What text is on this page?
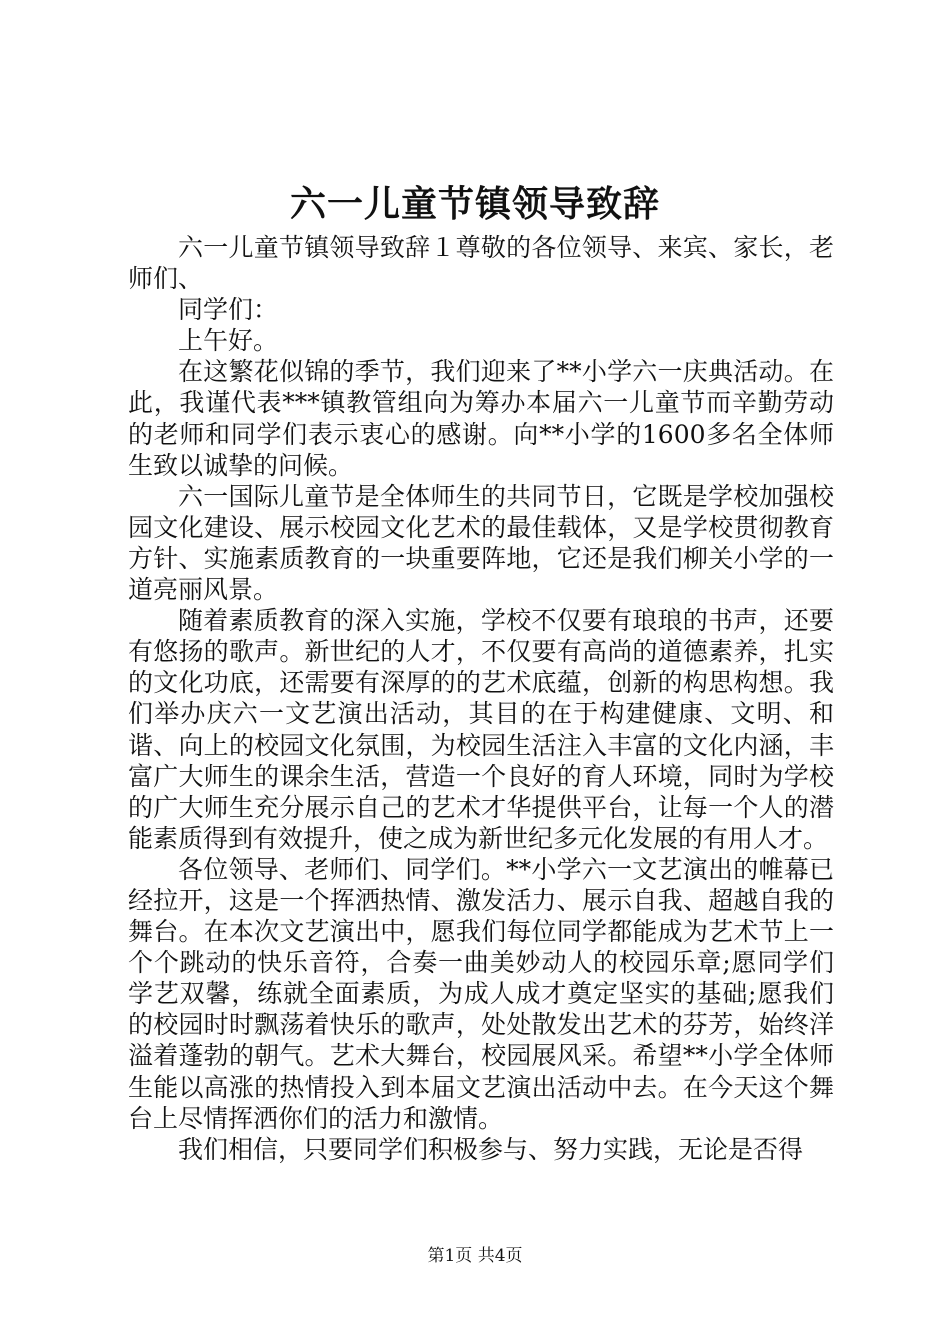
六一儿童节镇领导致辞

六一儿童节镇领导致辞１尊敬的各位领导、来宾、家长，老师们、

同学们：

上午好。

在这繁花似锦的季节，我们迎来了**小学六一庆典活动。在此，我谨代表***镇教管组向为筹办本届六一儿童节而辛勤劳动的老师和同学们表示衷心的感谢。向**小学的1600多名全体师生致以诚挚的问候。

六一国际儿童节是全体师生的共同节日，它既是学校加强校园文化建设、展示校园文化艺术的最佳载体，又是学校贯彻教育方针、实施素质教育的一块重要阵地，它还是我们柳关小学的一道亮丽风景。

随着素质教育的深入实施，学校不仅要有琅琅的书声，还要有悠扬的歌声。新世纪的人才，不仅要有高尚的道德素养，扎实的文化功底，还需要有深厚的的艺术底蕴，创新的构思构想。我们举办庆六一文艺演出活动，其目的在于构建健康、文明、和谐、向上的校园文化氛围，为校园生活注入丰富的文化内涵，丰富广大师生的课余生活，营造一个良好的育人环境，同时为学校的广大师生充分展示自己的艺术才华提供平台，让每一个人的潜能素质得到有效提升，使之成为新世纪多元化发展的有用人才。

各位领导、老师们、同学们。**小学六一文艺演出的帷幕已经拉开，这是一个挥洒热情、激发活力、展示自我、超越自我的舞台。在本次文艺演出中，愿我们每位同学都能成为艺术节上一个个跳动的快乐音符，合奏一曲美妙动人的校园乐章;愿同学们学艺双馨，练就全面素质，为成人成才奠定坚实的基础;愿我们的校园时时飘荡着快乐的歌声，处处散发出艺术的芬芳，始终洋溢着蓬勃的朝气。艺术大舞台，校园展风采。希望**小学全体师生能以高涨的热情投入到本届文艺演出活动中去。在今天这个舞台上尽情挥洒你们的活力和激情。

我们相信，只要同学们积极参与、努力实践，无论是否得

第1页 共4页
